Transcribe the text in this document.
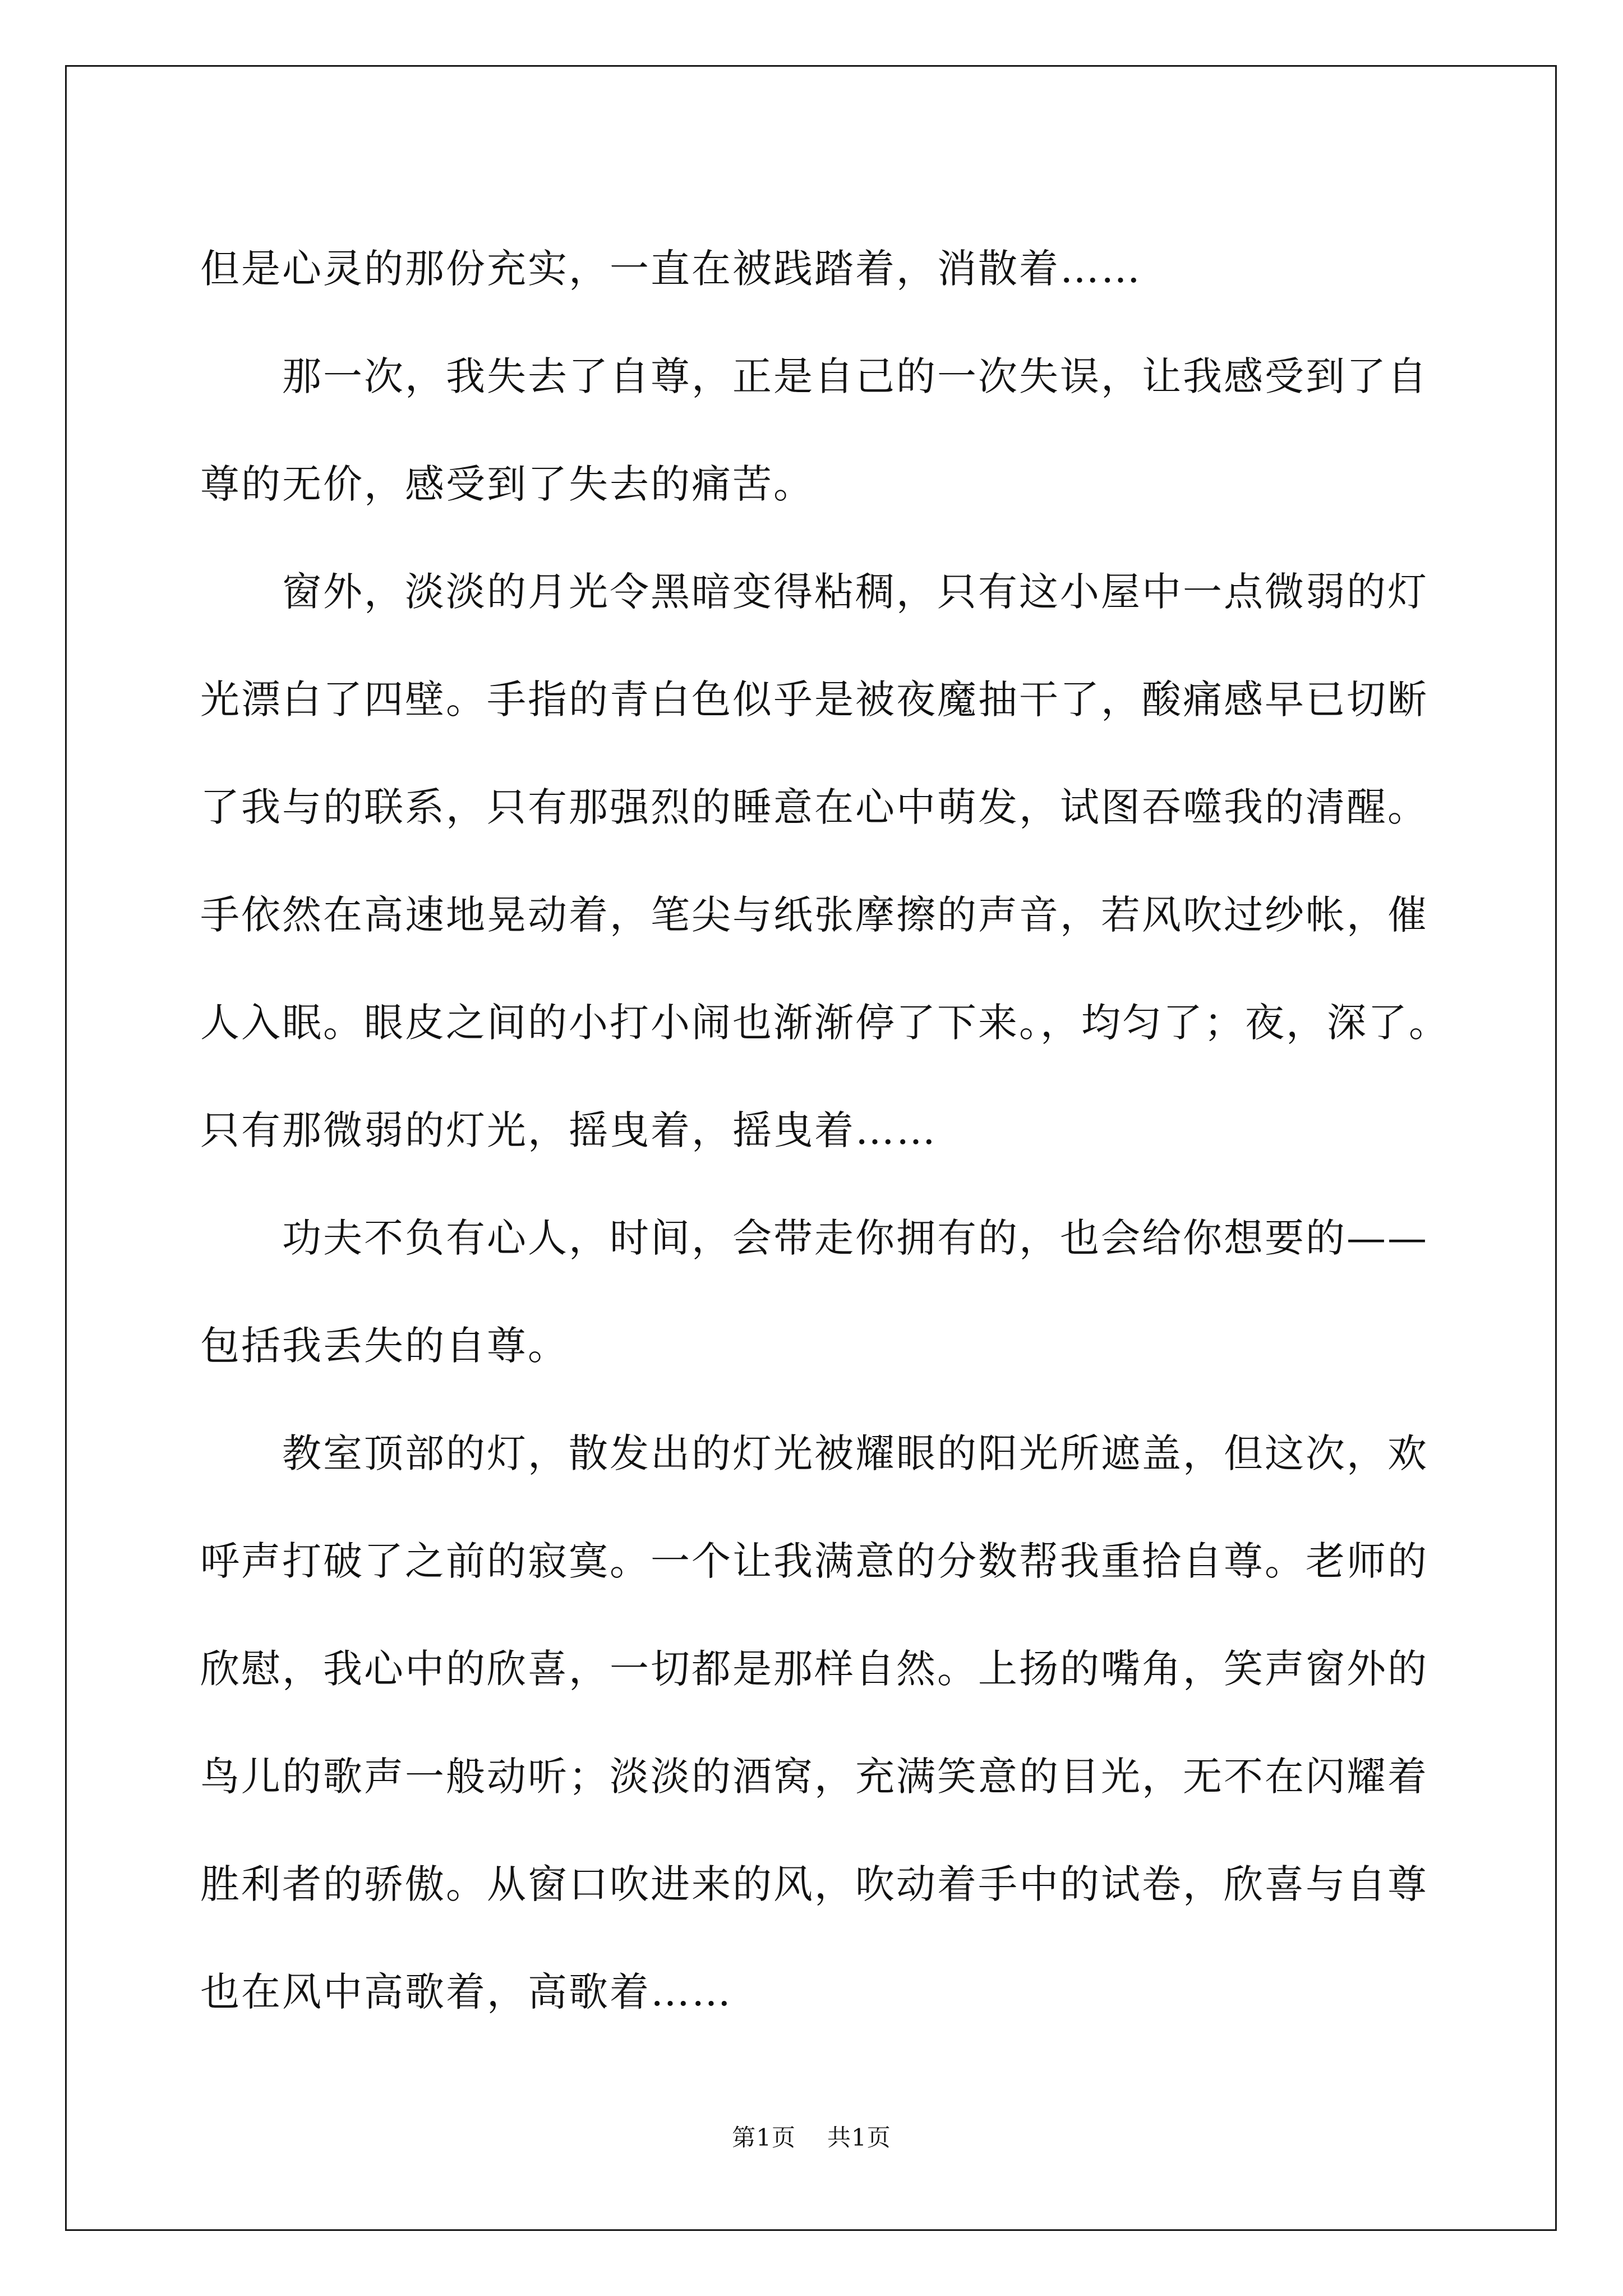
但是心灵的那份充实，一直在被践踏着，消散着……

　　那一次，我失去了自尊，正是自己的一次失误，让我感受到了自

尊的无价，感受到了失去的痛苦。

　　窗外，淡淡的月光令黑暗变得粘稠，只有这小屋中一点微弱的灯

光漂白了四壁。手指的青白色似乎是被夜魔抽干了，酸痛感早已切断

了我与的联系，只有那强烈的睡意在心中萌发，试图吞噬我的清醒。

手依然在高速地晃动着，笔尖与纸张摩擦的声音，若风吹过纱帐，催

人入眠。眼皮之间的小打小闹也渐渐停了下来。，均匀了；夜，深了。

只有那微弱的灯光，摇曳着，摇曳着……

　　功夫不负有心人，时间，会带走你拥有的，也会给你想要的——

包括我丢失的自尊。

　　教室顶部的灯，散发出的灯光被耀眼的阳光所遮盖，但这次，欢

呼声打破了之前的寂寞。一个让我满意的分数帮我重拾自尊。老师的

欣慰，我心中的欣喜，一切都是那样自然。上扬的嘴角，笑声窗外的

鸟儿的歌声一般动听；淡淡的酒窝，充满笑意的目光，无不在闪耀着

胜利者的骄傲。从窗口吹进来的风，吹动着手中的试卷，欣喜与自尊

也在风中高歌着，高歌着……

第1页 共1页
